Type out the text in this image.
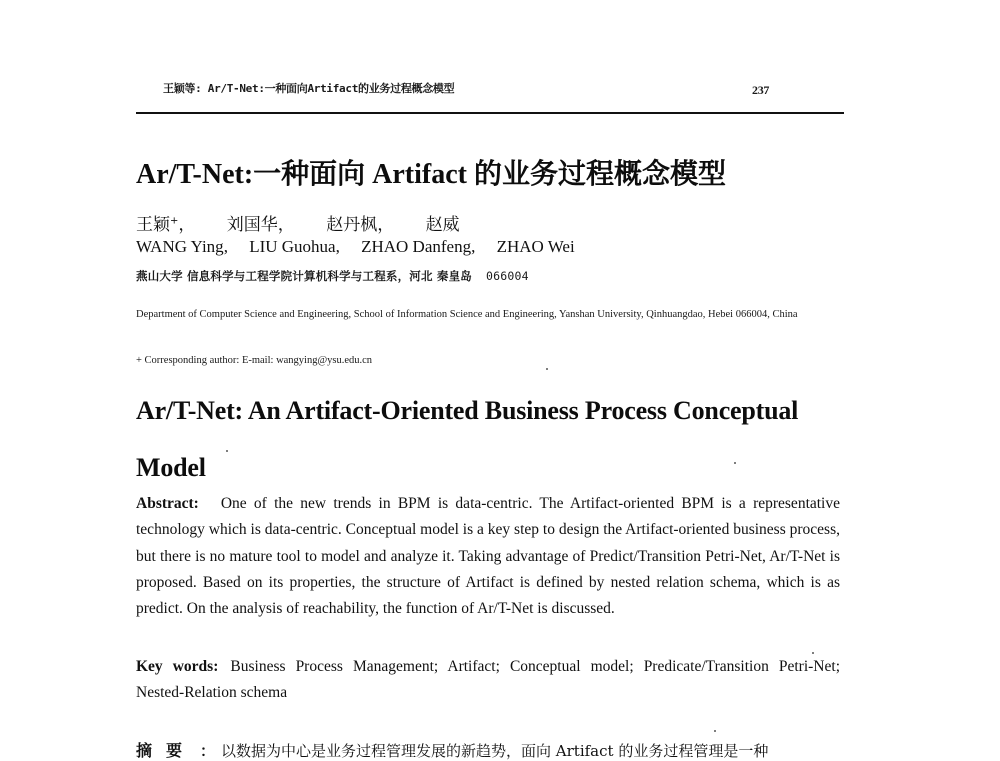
王颖等: Ar/T-Net:一种面向Artifact的业务过程概念模型	237
Ar/T-Net:一种面向 Artifact 的业务过程概念模型
王颖+， 刘国华， 赵丹枫， 赵威
WANG Ying, LIU Guohua, ZHAO Danfeng, ZHAO Wei
燕山大学 信息科学与工程学院计算机科学与工程系，河北 秦皇岛 066004
Department of Computer Science and Engineering, School of Information Science and Engineering, Yanshan University, Qinhuangdao, Hebei 066004, China
+ Corresponding author: E-mail: wangying@ysu.edu.cn
Ar/T-Net: An Artifact-Oriented Business Process Conceptual Model
Abstract: One of the new trends in BPM is data-centric. The Artifact-oriented BPM is a representative technology which is data-centric. Conceptual model is a key step to design the Artifact-oriented business process, but there is no mature tool to model and analyze it. Taking advantage of Predict/Transition Petri-Net, Ar/T-Net is proposed. Based on its properties, the structure of Artifact is defined by nested relation schema, which is as predict. On the analysis of reachability, the function of Ar/T-Net is discussed.
Key words: Business Process Management; Artifact; Conceptual model; Predicate/Transition Petri-Net; Nested-Relation schema
摘要 ： 以数据为中心是业务过程管理发展的新趋势，面向 Artifact 的业务过程管理是一种
